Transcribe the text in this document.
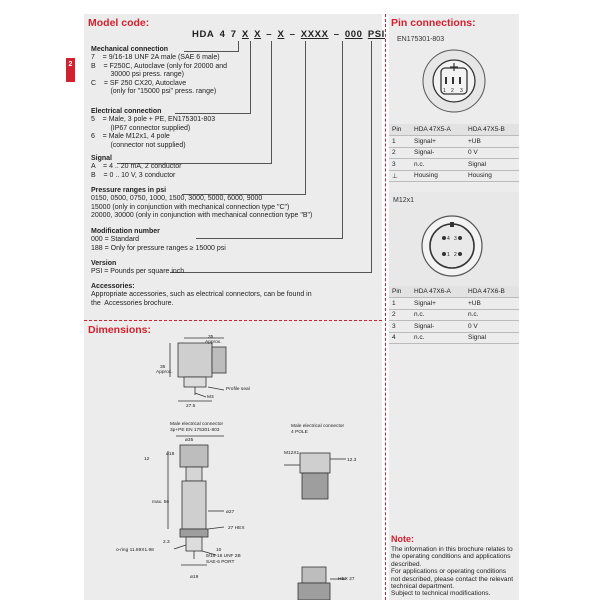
2
Model code:
HDA 4 7 X X – X – XXXX – 000 PSI
Mechanical connection

7    = 9/16-18 UNF 2A male (SAE 6 male)

B    = F250C, Autoclave (only for 20000 and

30000 psi press. range)

C    = SF 250 CX20, Autoclave

(only for "15000 psi" press. range)

Electrical connection

5    = Male, 3 pole + PE, EN175301-803

(IP67 connector supplied)

6    = Male M12x1, 4 pole

(connector not supplied)

Signal

A    = 4 .. 20 mA, 2 conductor

B    = 0 .. 10 V, 3 conductor

Pressure ranges in psi

0150, 0500, 0750, 1000, 1500, 3000, 5000, 6000, 9000

15000 (only in conjunction with mechanical connection type "C")

20000, 30000 (only in conjunction with mechanical connection type "B")

Modification number

000 = Standard

188 = Only for pressure ranges ≥ 15000 psi

Version

PSI = Pounds per square inch

Accessories:

Appropriate accessories, such as electrical connectors, can be found in

the  Accessories brochure.

Dimensions:
35
Approx.
35
Approx.
Profile seal
M3
27.5
Male electrical connector
3p+PE EN 175301-803
ø35
ø18
12
max. 56
ø27
27 HEX
2.3
o-ring 11.89X1.98	10
9/16-18 UNF 2B
SAE-6 PORT
ø19
Male electrical connector
4 POLE
M12X1
12.3
HEX 27
Pin connections:
EN175301-803
1 2 3
Pin	HDA 47X5-A	HDA 47X5-B
1	Signal+	+UB
2	Signal-	0 V
3	n.c.	Signal
⊥	Housing	Housing
M12x1
4 3
1 2
Pin	HDA 47X6-A	HDA 47X6-B
1	Signal+	+UB
2	n.c.	n.c.
3	Signal-	0 V
4	n.c.	Signal
Note:
The information in this brochure relates to
the operating conditions and applications
described.
For applications or operating conditions
not described, please contact the relevant
technical department.
Subject to technical modifications.
